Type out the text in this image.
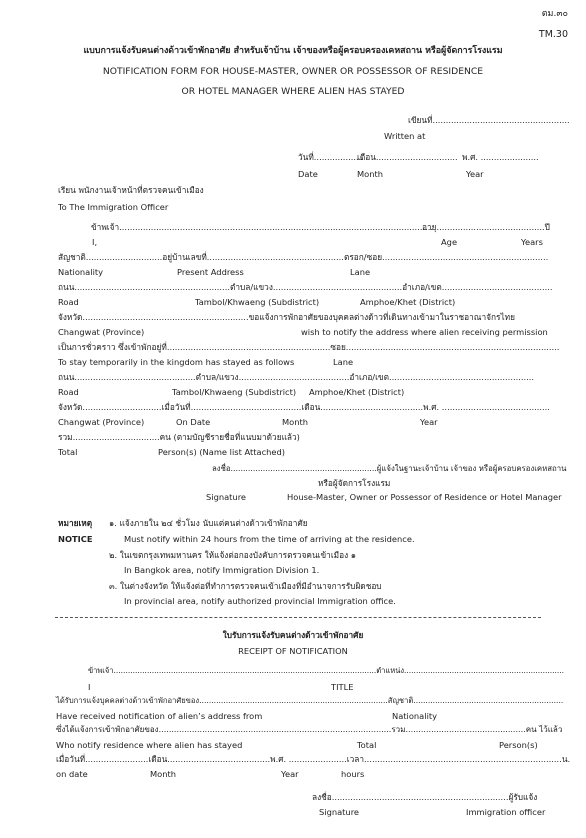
ตม.๓๐
TM.30
แบบการแจ้งรับคนต่างด้าวเข้าพักอาศัย สำหรับเจ้าบ้าน เจ้าของหรือผู้ครอบครองเคหสถาน หรือผู้จัดการโรงแรม
NOTIFICATION FORM FOR HOUSE-MASTER, OWNER OR POSSESSOR OF RESIDENCE
OR HOTEL MANAGER WHERE ALIEN HAS STAYED
เขียนที่....................................................
Written at
วันที่...................
เดือน............................... พ.ศ. ......................
Date	Month	Year
เรียน พนักงานเจ้าหน้าที่ตรวจคนเข้าเมือง
To The Immigration Officer
ข้าพเจ้า.......................................................................................................................
อายุ.........................................ปี
I,	Age	Years
สัญชาติ.............................อยู่บ้านเลขที่....................................................ตรอก/ซอย...............................................................
Nationality	Present Address	Lane
ถนน...........................................................ตำบล/แขวง.................................................อำเภอ/เขต..........................................
Road	Tambol/Khwaeng (Subdistrict)	Amphoe/Khet (District)
จังหวัด...............................................................ขอแจ้งการพักอาศัยของบุคคลต่างด้าวที่เดินทางเข้ามาในราชอาณาจักรไทย
Changwat (Province)	wish to notify the address where alien receiving permission
เป็นการชั่วคราว ซึ่งเข้าพักอยู่ที่..............................................................ซอย.................................................................................
To stay temporarily in the kingdom has stayed as follows	Lane
ถนน..............................................ตำบล/แขวง..........................................อำเภอ/เขต.......................................................
Road	Tambol/Khwaeng (Subdistrict) Amphoe/Khet (District)
จังหวัด..............................เมื่อวันที่..........................................เดือน.......................................พ.ศ. .........................................
Changwat (Province)	On Date	Month	Year
รวม.................................คน (ตามบัญชีรายชื่อที่แนบมาด้วยแล้ว)
Total	Person(s) (Name list Attached)
ลงชื่อ...........................................................ผู้แจ้งในฐานะเจ้าบ้าน เจ้าของ หรือผู้ครอบครองเคหสถาน
หรือผู้จัดการโรงแรม
Signature	House-Master, Owner or Possessor of Residence or Hotel Manager
หมายเหตุ ๑. แจ้งภายใน ๒๔ ชั่วโมง นับแต่คนต่างด้าวเข้าพักอาศัย
NOTICE	Must notify within 24 hours from the time of arriving at the residence.
๒. ในเขตกรุงเทพมหานคร ให้แจ้งต่อกองบังคับการตรวจคนเข้าเมือง ๑
In Bangkok area, notify Immigration Division 1.
๓. ในต่างจังหวัด ให้แจ้งต่อที่ทำการตรวจคนเข้าเมืองที่มีอำนาจการรับผิดชอบ
In provincial area, notify authorized provincial Immigration office.
ใบรับการแจ้งรับคนต่างด้าวเข้าพักอาศัย
RECEIPT OF NOTIFICATION
ข้าพเจ้า..............................................................................................................ตำแหน่ง...................................................................
I	TITLE
ได้รับการแจ้งบุคคลต่างด้าวเข้าพักอาศัยของ..............................................................................สัญชาติ..............................................................
Have received notification of alien’s address from	Nationality
ซึ่งได้แจ้งการเข้าพักอาศัยของ...........................................................................................รวม...............................................คน ไว้แล้ว
Who notify residence where alien has stayed	Total	Person(s)
เมื่อวันที่........................เดือน.......................................พ.ศ. ......................เวลา...........................................................................น.
on date	Month	Year	hours
ลงชื่อ...................................................................ผู้รับแจ้ง
Signature	Immigration officer
